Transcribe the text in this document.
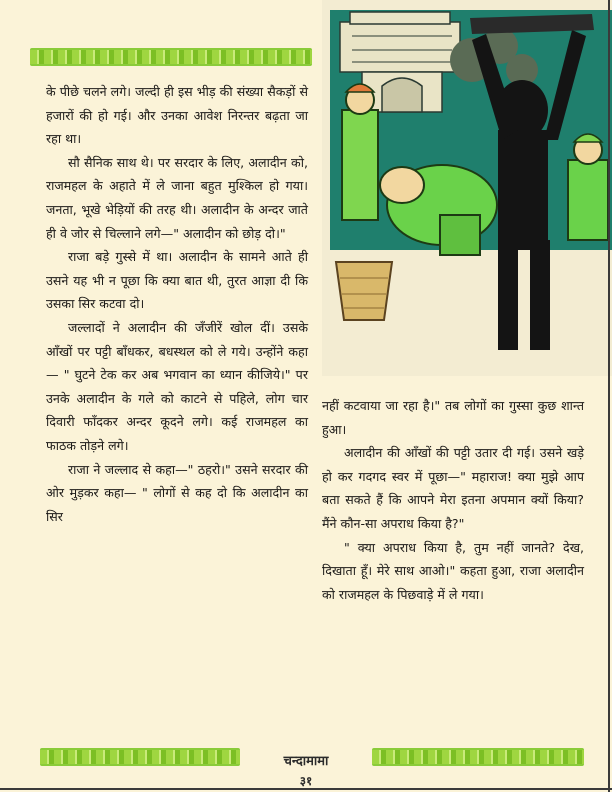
के पीछे चलने लगे। जल्दी ही इस भीड़ की संख्या सैकड़ों से हजारों की हो गई। और उनका आवेश निरन्तर बढ़ता जा रहा था।

सौ सैनिक साथ थे। पर सरदार के लिए, अलादीन को, राजमहल के अहाते में ले जाना बहुत मुश्किल हो गया। जनता, भूखे भेड़ियों की तरह थी। अलादीन के अन्दर जाते ही वे जोर से चिल्लाने लगे—" अलादीन को छोड़ दो।"

राजा बड़े गुस्से में था। अलादीन के सामने आते ही उसने यह भी न पूछा कि क्या बात थी, तुरत आज्ञा दी कि उसका सिर कटवा दो।

जल्लादों ने अलादीन की जँजीरें खोल दीं। उसके आँखों पर पट्टी बाँधकर, बधस्थल को ले गये। उन्होंने कहा— " घुटने टेक कर अब भगवान का ध्यान कीजिये।" पर उनके अलादीन के गले को काटने से पहिले, लोग चार दिवारी फाँदकर अन्दर कूदने लगे। कई राजमहल का फाठक तोड़ने लगे।

राजा ने जल्लाद से कहा—" ठहरो।" उसने सरदार की ओर मुड़कर कहा— " लोगों से कह दो कि अलादीन का सिर

नहीं कटवाया जा रहा है।" तब लोगों का गुस्सा कुछ शान्त हुआ।

अलादीन की आँखों की पट्टी उतार दी गई। उसने खड़े हो कर गदगद स्वर में पूछा—" महाराज! क्या मुझे आप बता सकते हैं कि आपने मेरा इतना अपमान क्यों किया? मैंने कौन-सा अपराध किया है?"

" क्या अपराध किया है, तुम नहीं जानते? देख, दिखाता हूँ। मेरे साथ आओ।" कहता हुआ, राजा अलादीन को राजमहल के पिछवाड़े में ले गया।

चन्दामामा
३१
